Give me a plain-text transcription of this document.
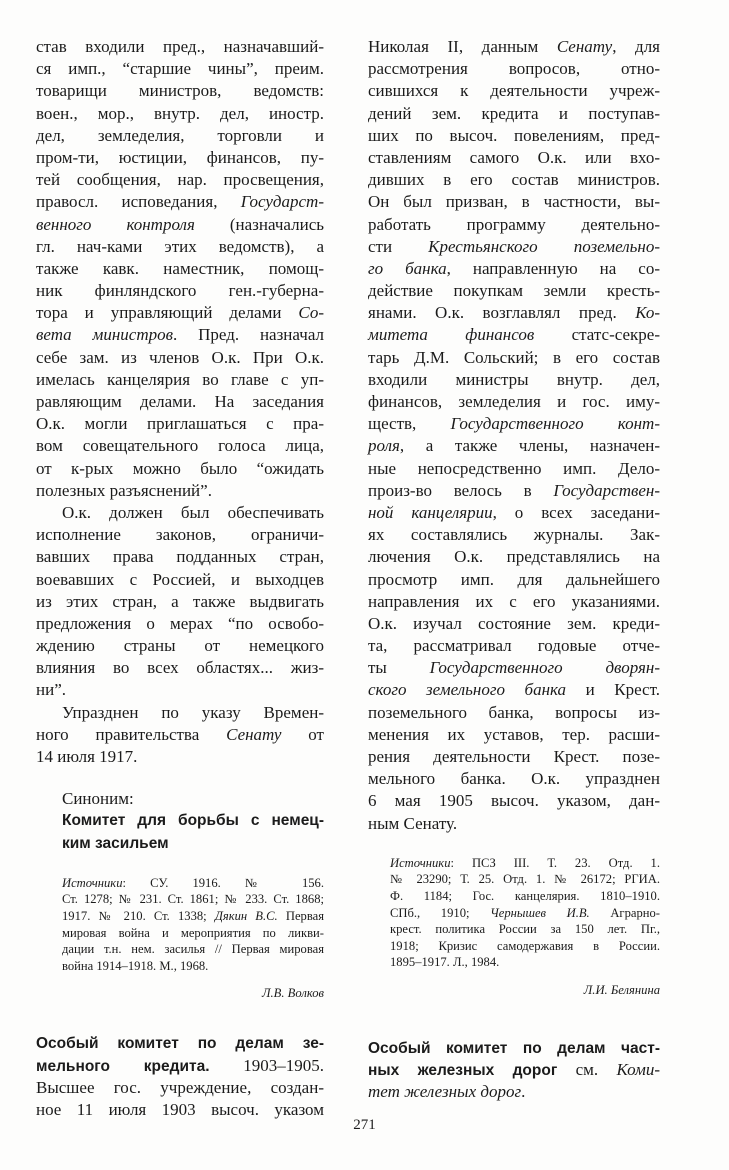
став входили пред., назначавший-
ся имп., “старшие чины”, преим.
товарищи министров, ведомств:
воен., мор., внутр. дел, иностр.
дел, земледелия, торговли и
пром-ти, юстиции, финансов, пу-
тей сообщения, нар. просвещения,
правосл. исповедания, Государст-
венного контроля (назначались
гл. нач-ками этих ведомств), а
также кавк. наместник, помощ-
ник финляндского ген.-губерна-
тора и управляющий делами Со-
вета министров. Пред. назначал
себе зам. из членов О.к. При О.к.
имелась канцелярия во главе с уп-
равляющим делами. На заседания
О.к. могли приглашаться с пра-
вом совещательного голоса лица,
от к-рых можно было “ожидать
полезных разъяснений”.
О.к. должен был обеспечивать
исполнение законов, ограничи-
вавших права подданных стран,
воевавших с Россией, и выходцев
из этих стран, а также выдвигать
предложения о мерах “по освобо-
ждению страны от немецкого
влияния во всех областях... жиз-
ни”.
Упразднен по указу Времен-
ного правительства Сенату от
14 июля 1917.
Синоним:
Комитет для борьбы с немец-
ким засильем
Источники: СУ. 1916. № 156.
Ст. 1278; № 231. Ст. 1861; № 233. Ст. 1868;
1917. № 210. Ст. 1338; Дякин В.С. Первая
мировая война и мероприятия по ликви-
дации т.н. нем. засилья // Первая мировая
война 1914–1918. М., 1968.
Л.В. Волков
Особый комитет по делам зе-
мельного кредита. 1903–1905.
Высшее гос. учреждение, создан-
ное 11 июля 1903 высоч. указом
Николая II, данным Сенату, для
рассмотрения вопросов, отно-
сившихся к деятельности учреж-
дений зем. кредита и поступав-
ших по высоч. повелениям, пред-
ставлениям самого О.к. или вхо-
дивших в его состав министров.
Он был призван, в частности, вы-
работать программу деятельно-
сти Крестьянского поземельно-
го банка, направленную на со-
действие покупкам земли кресть-
янами. О.к. возглавлял пред. Ко-
митета финансов статс-секре-
тарь Д.М. Сольский; в его состав
входили министры внутр. дел,
финансов, земледелия и гос. иму-
ществ, Государственного конт-
роля, а также члены, назначен-
ные непосредственно имп. Дело-
произ-во велось в Государствен-
ной канцелярии, о всех заседани-
ях составлялись журналы. Зак-
лючения О.к. представлялись на
просмотр имп. для дальнейшего
направления их с его указаниями.
О.к. изучал состояние зем. креди-
та, рассматривал годовые отче-
ты Государственного дворян-
ского земельного банка и Крест.
поземельного банка, вопросы из-
менения их уставов, тер. расши-
рения деятельности Крест. позе-
мельного банка. О.к. упразднен
6 мая 1905 высоч. указом, дан-
ным Сенату.
Источники: ПСЗ III. Т. 23. Отд. 1.
№ 23290; Т. 25. Отд. 1. № 26172; РГИА.
Ф. 1184; Гос. канцелярия. 1810–1910.
СПб., 1910; Чернышев И.В. Аграрно-
крест. политика России за 150 лет. Пг.,
1918; Кризис самодержавия в России.
1895–1917. Л., 1984.
Л.И. Белянина
Особый комитет по делам част-
ных железных дорог см. Коми-
тет железных дорог.
271
